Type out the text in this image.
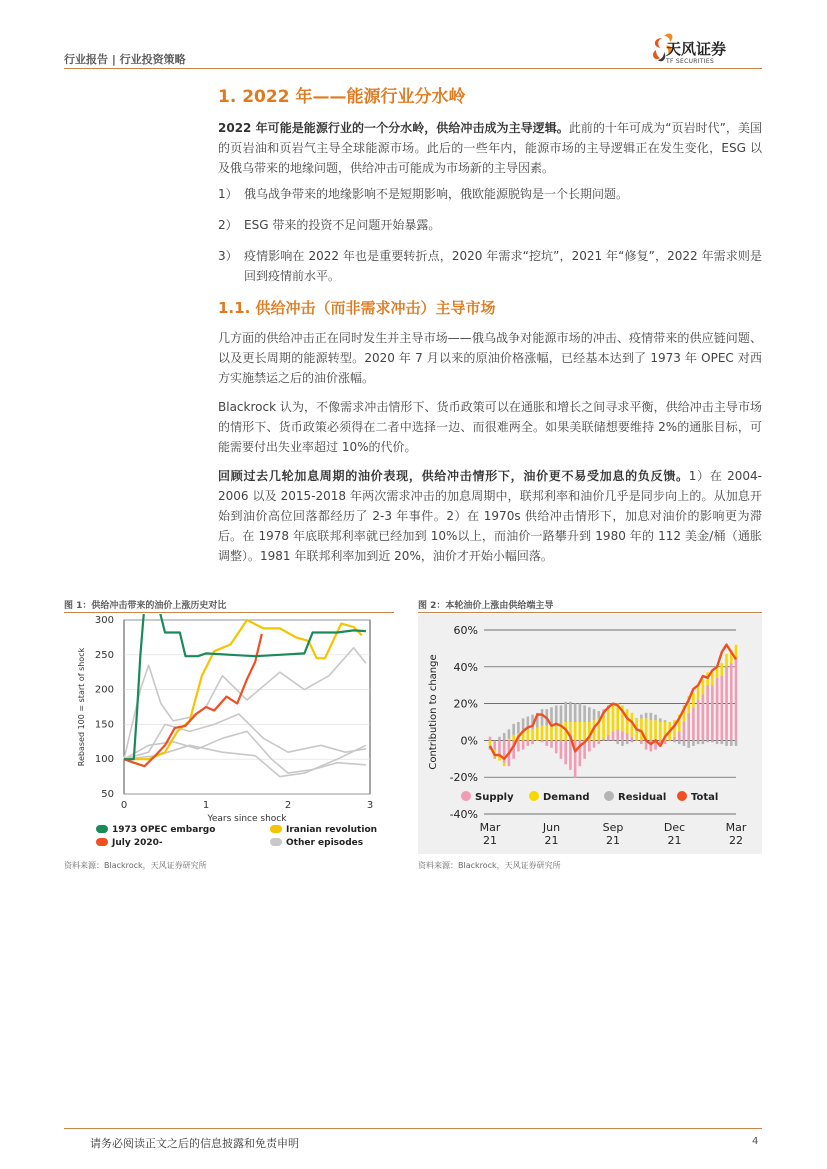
行业报告 | 行业投资策略
天风证券
TF SECURITIES
1. 2022 年——能源行业分水岭
2022 年可能是能源行业的一个分水岭，供给冲击成为主导逻辑。此前的十年可成为“页岩时代”，美国的页岩油和页岩气主导全球能源市场。此后的一些年内，能源市场的主导逻辑正在发生变化，ESG 以及俄乌带来的地缘问题，供给冲击可能成为市场新的主导因素。
1） 俄乌战争带来的地缘影响不是短期影响，俄欧能源脱钩是一个长期问题。
2） ESG 带来的投资不足问题开始暴露。
3） 疫情影响在 2022 年也是重要转折点，2020 年需求“挖坑”，2021 年“修复”，2022 年需求则是回到疫情前水平。
1.1. 供给冲击（而非需求冲击）主导市场
几方面的供给冲击正在同时发生并主导市场——俄乌战争对能源市场的冲击、疫情带来的供应链问题、以及更长周期的能源转型。2020 年 7 月以来的原油价格涨幅，已经基本达到了 1973 年 OPEC 对西方实施禁运之后的油价涨幅。
Blackrock 认为，不像需求冲击情形下、货币政策可以在通胀和增长之间寻求平衡，供给冲击主导市场的情形下、货币政策必须得在二者中选择一边、而很难两全。如果美联储想要维持 2%的通胀目标，可能需要付出失业率超过 10%的代价。
回顾过去几轮加息周期的油价表现，供给冲击情形下，油价更不易受加息的负反馈。1）在 2004-2006 以及 2015-2018 年两次需求冲击的加息周期中，联邦利率和油价几乎是同步向上的。从加息开始到油价高位回落都经历了 2-3 年事件。2）在 1970s 供给冲击情形下，加息对油价的影响更为滞后。在 1978 年底联邦利率就已经加到 10%以上，而油价一路攀升到 1980 年的 112 美金/桶（通胀调整）。1981 年联邦利率加到近 20%，油价才开始小幅回落。
图 1：供给冲击带来的油价上涨历史对比	图 2：本轮油价上涨由供给端主导
50
100
150
200
250
300
0	1	2	3
Years since shock
Rebased 100 = start of shock
1973 OPEC embargo	Iranian revolution
July 2020-	Other episodes
60%
40%
20%
0%
-20%
-40%
Contribution to change
Mar
21
Jun
21
Sep
21
Dec
21
Mar
22
Supply	Demand	Residual Total
资料来源：Blackrock，天风证券研究所	资料来源：Blackrock，天风证券研究所
请务必阅读正文之后的信息披露和免责申明	4
